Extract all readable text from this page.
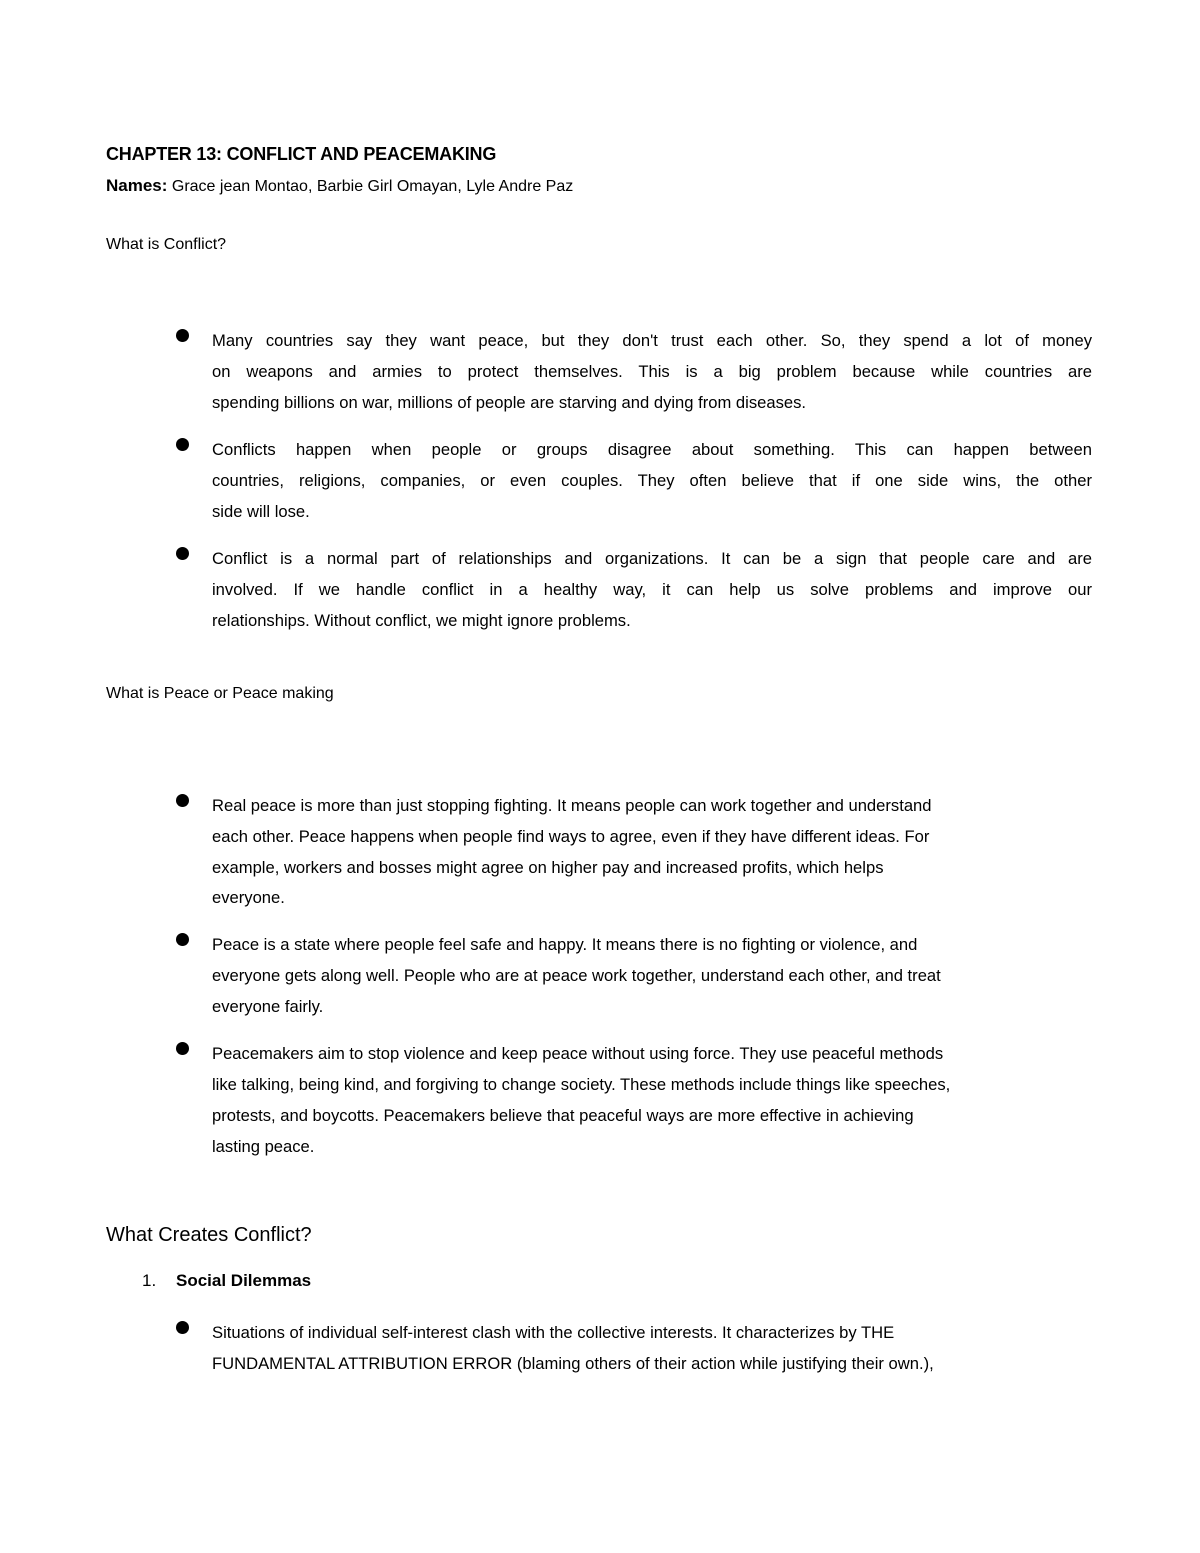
CHAPTER 13: CONFLICT AND PEACEMAKING

Names: Grace jean Montao, Barbie Girl Omayan, Lyle Andre Paz

What is Conflict?

Many countries say they want peace, but they don't trust each other. So, they spend a lot of money
on weapons and armies to protect themselves. This is a big problem because while countries are
spending billions on war, millions of people are starving and dying from diseases.
Conflicts happen when people or groups disagree about something. This can happen between
countries, religions, companies, or even couples. They often believe that if one side wins, the other
side will lose.
Conflict is a normal part of relationships and organizations. It can be a sign that people care and are
involved. If we handle conflict in a healthy way, it can help us solve problems and improve our
relationships. Without conflict, we might ignore problems.

What is Peace or Peace making

Real peace is more than just stopping fighting. It means people can work together and understand
each other. Peace happens when people find ways to agree, even if they have different ideas. For
example, workers and bosses might agree on higher pay and increased profits, which helps
everyone.
Peace is a state where people feel safe and happy. It means there is no fighting or violence, and
everyone gets along well. People who are at peace work together, understand each other, and treat
everyone fairly.
Peacemakers aim to stop violence and keep peace without using force. They use peaceful methods
like talking, being kind, and forgiving to change society. These methods include things like speeches,
protests, and boycotts. Peacemakers believe that peaceful ways are more effective in achieving
lasting peace.

What Creates Conflict?

1. Social Dilemmas

Situations of individual self-interest clash with the collective interests. It characterizes by THE
FUNDAMENTAL ATTRIBUTION ERROR (blaming others of their action while justifying their own.),
